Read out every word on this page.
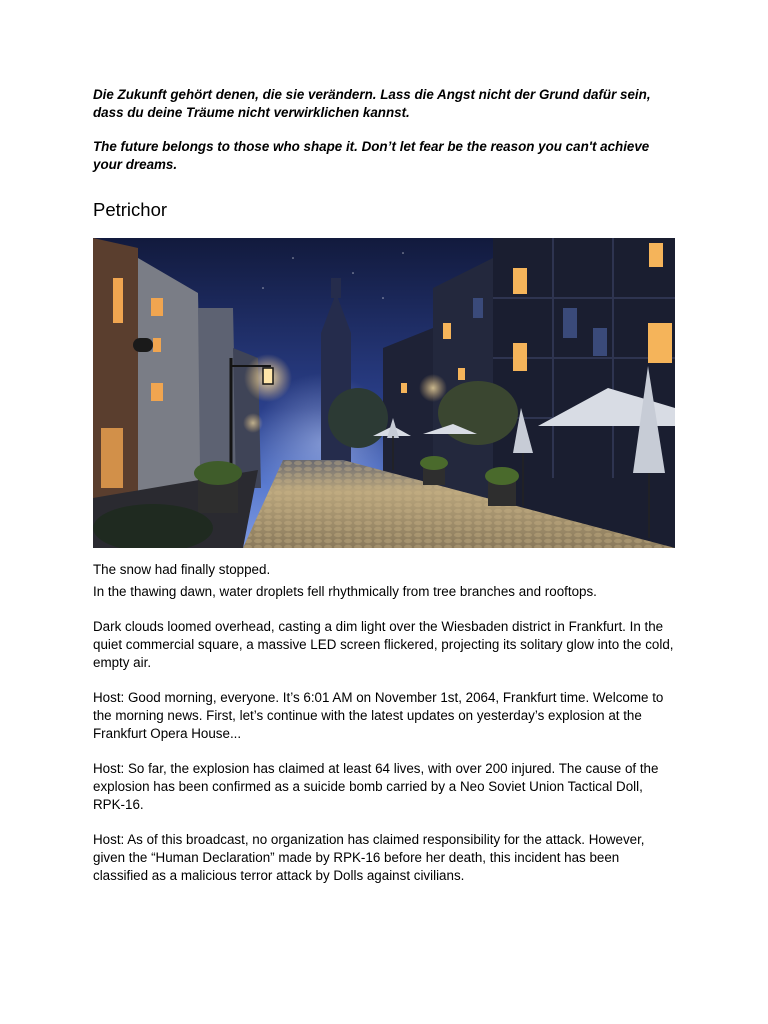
Die Zukunft gehört denen, die sie verändern. Lass die Angst nicht der Grund dafür sein, dass du deine Träume nicht verwirklichen kannst.

The future belongs to those who shape it. Don’t let fear be the reason you can't achieve your dreams.

Petrichor

The snow had finally stopped.

In the thawing dawn, water droplets fell rhythmically from tree branches and rooftops.

Dark clouds loomed overhead, casting a dim light over the Wiesbaden district in Frankfurt. In the quiet commercial square, a massive LED screen flickered, projecting its solitary glow into the cold, empty air.

Host: Good morning, everyone. It’s 6:01 AM on November 1st, 2064, Frankfurt time. Welcome to the morning news. First, let’s continue with the latest updates on yesterday’s explosion at the Frankfurt Opera House...

Host: So far, the explosion has claimed at least 64 lives, with over 200 injured. The cause of the explosion has been confirmed as a suicide bomb carried by a Neo Soviet Union Tactical Doll, RPK-16.

Host: As of this broadcast, no organization has claimed responsibility for the attack. However, given the “Human Declaration” made by RPK-16 before her death, this incident has been classified as a malicious terror attack by Dolls against civilians.
